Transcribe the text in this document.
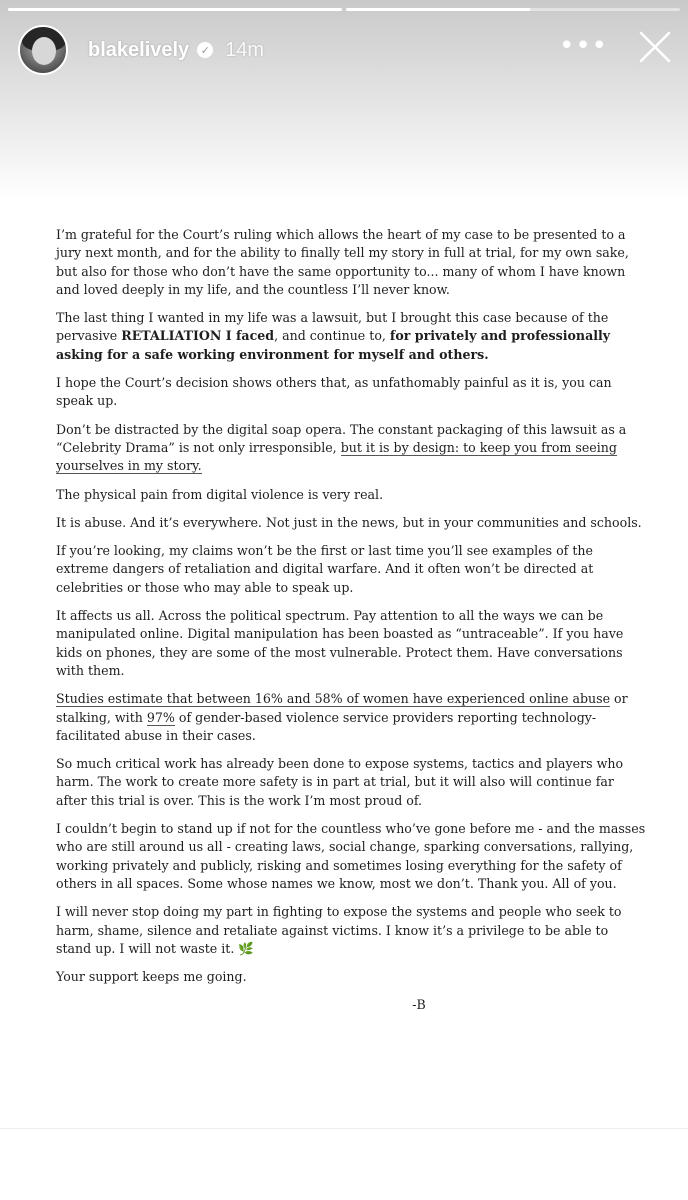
blakelively	✓ 14m	•••

I’m grateful for the Court’s ruling which allows the heart of my case to be presented to a jury next month, and for the ability to finally tell my story in full at trial, for my own sake, but also for those who don’t have the same opportunity to... many of whom I have known and loved deeply in my life, and the countless I’ll never know.

The last thing I wanted in my life was a lawsuit, but I brought this case because of the pervasive RETALIATION I faced, and continue to, for privately and professionally asking for a safe working environment for myself and others.

I hope the Court’s decision shows others that, as unfathomably painful as it is, you can speak up.

Don’t be distracted by the digital soap opera. The constant packaging of this lawsuit as a “Celebrity Drama” is not only irresponsible, but it is by design: to keep you from seeing yourselves in my story.

The physical pain from digital violence is very real.

It is abuse. And it’s everywhere. Not just in the news, but in your communities and schools.

If you’re looking, my claims won’t be the first or last time you’ll see examples of the extreme dangers of retaliation and digital warfare. And it often won’t be directed at celebrities or those who may able to speak up.

It affects us all. Across the political spectrum. Pay attention to all the ways we can be manipulated online. Digital manipulation has been boasted as “untraceable”. If you have kids on phones, they are some of the most vulnerable. Protect them. Have conversations with them.

Studies estimate that between 16% and 58% of women have experienced online abuse or stalking, with 97% of gender-based violence service providers reporting technology-facilitated abuse in their cases.

So much critical work has already been done to expose systems, tactics and players who harm. The work to create more safety is in part at trial, but it will also will continue far after this trial is over. This is the work I’m most proud of.

I couldn’t begin to stand up if not for the countless who’ve gone before me - and the masses who are still around us all - creating laws, social change, sparking conversations, rallying, working privately and publicly, risking and sometimes losing everything for the safety of others in all spaces. Some whose names we know, most we don’t. Thank you. All of you.

I will never stop doing my part in fighting to expose the systems and people who seek to harm, shame, silence and retaliate against victims. I know it’s a privilege to be able to stand up. I will not waste it. 🌿

Your support keeps me going.

-B
